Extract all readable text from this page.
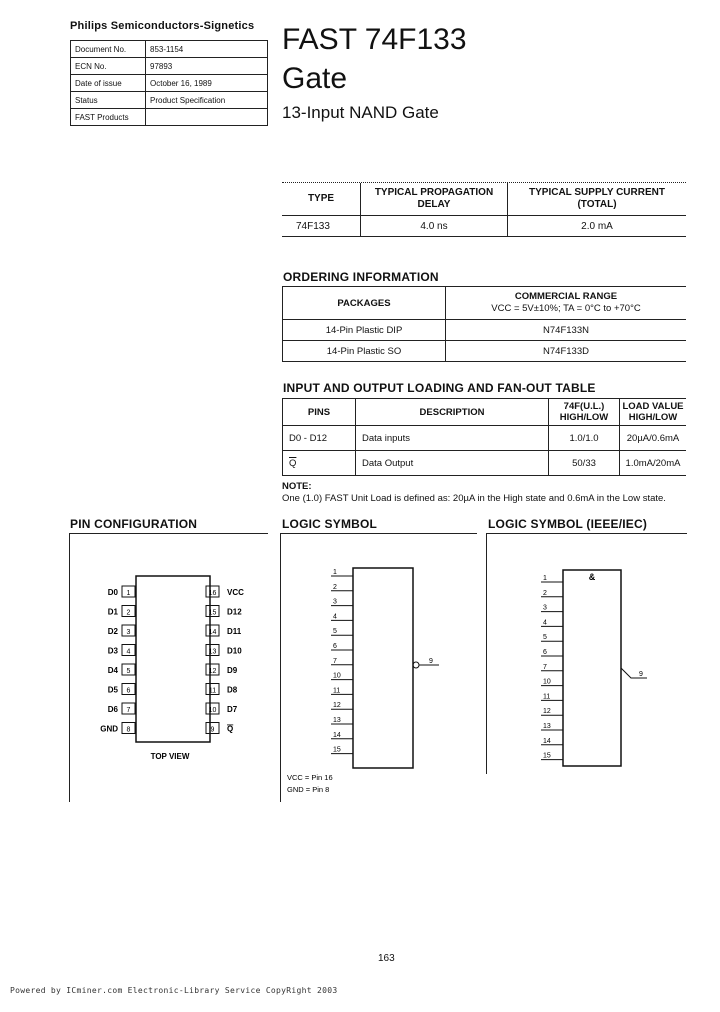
Philips Semiconductors-Signetics
Document No.	853-1154
ECN No.	97893
Date of issue	October 16, 1989
Status	Product Specification
FAST Products	
FAST 74F133
Gate
13-Input NAND Gate
TYPE	TYPICAL PROPAGATION DELAY	TYPICAL SUPPLY CURRENT (TOTAL)
74F133	4.0 ns	2.0 mA
ORDERING INFORMATION
PACKAGES	COMMERCIAL RANGE
VCC = 5V±10%; TA = 0°C to +70°C

14-Pin Plastic DIP	N74F133N
14-Pin Plastic SO	N74F133D
INPUT AND OUTPUT LOADING AND FAN-OUT TABLE
PINS	DESCRIPTION	74F(U.L.) HIGH/LOW	LOAD VALUE HIGH/LOW
D0 - D12	Data inputs	1.0/1.0	20µA/0.6mA
$\overline{Q}$	Data Output	50/33	1.0mA/20mA
NOTE:
One (1.0) FAST Unit Load is defined as: 20µA in the High state and 0.6mA in the Low state.
PIN CONFIGURATION	LOGIC SYMBOL	LOGIC SYMBOL (IEEE/IEC)
1
D0
2
D1
3
D2
4
D3
5
D4
6
D5
7
D6
8
GND
16 VCC
15 D12
14 D11
13 D10
12 D9
11 D8
10 D7
9 Q
TOP VIEW
1
2
3
4
5
6
7
10
11
12
13
14
15
9
VCC = Pin 16
GND = Pin 8
&
1
2
3
4
5
6
7
10
11
12
13
14
15
9
163
Powered by ICminer.com Electronic-Library Service CopyRight 2003
